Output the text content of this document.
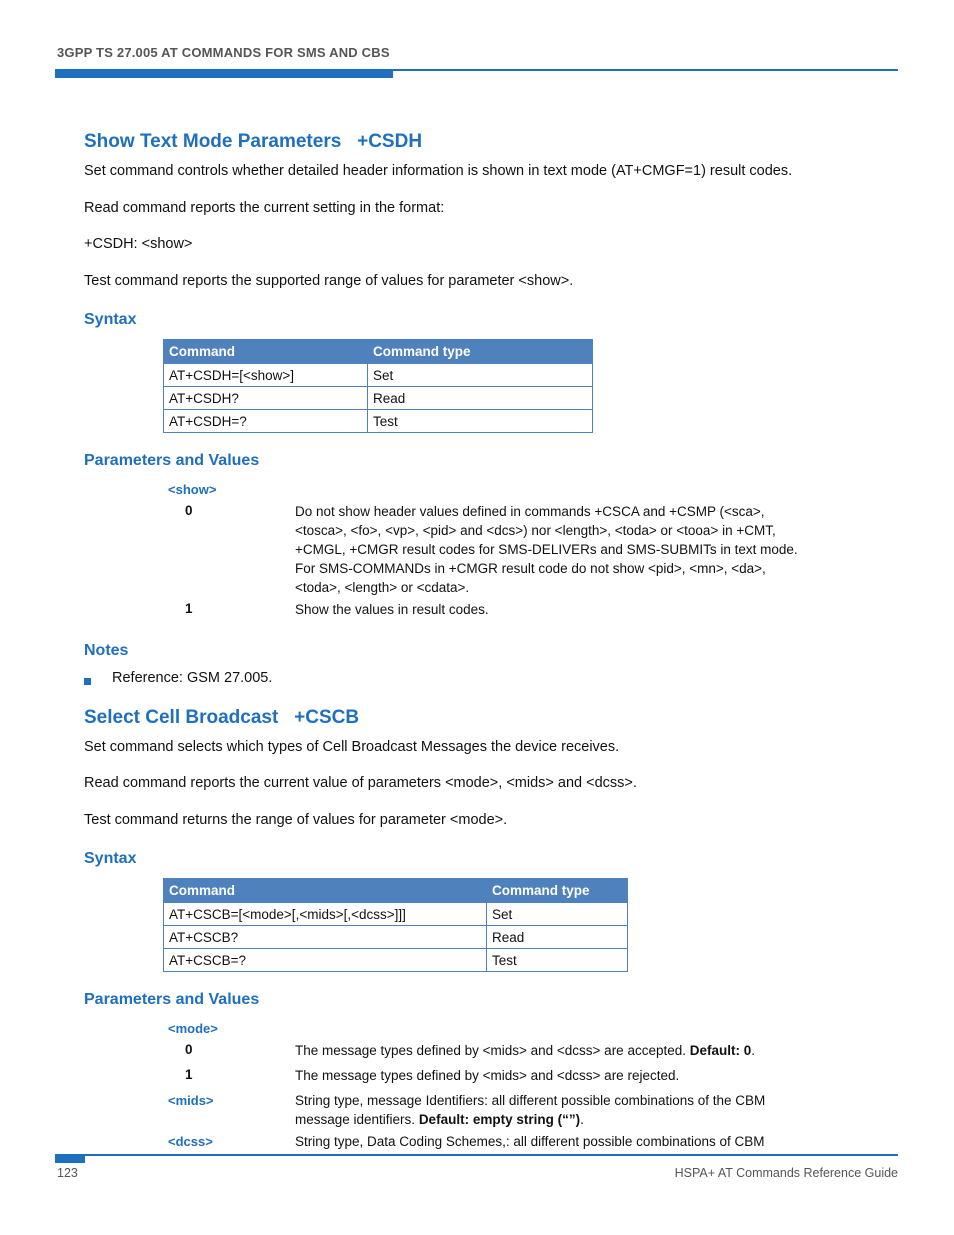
3GPP TS 27.005 AT COMMANDS FOR SMS AND CBS
Show Text Mode Parameters   +CSDH
Set command controls whether detailed header information is shown in text mode (AT+CMGF=1) result codes.
Read command reports the current setting in the format:
+CSDH: <show>
Test command reports the supported range of values for parameter <show>.
Syntax
Command	Command type
AT+CSDH=[<show>]	Set
AT+CSDH?	Read
AT+CSDH=?	Test
Parameters and Values
<show>
0	Do not show header values defined in commands +CSCA and +CSMP (<sca>,
<tosca>, <fo>, <vp>, <pid> and <dcs>) nor <length>, <toda> or <tooa> in +CMT,
+CMGL, +CMGR result codes for SMS-DELIVERs and SMS-SUBMITs in text mode.
For SMS-COMMANDs in +CMGR result code do not show <pid>, <mn>, <da>,
<toda>, <length> or <cdata>.
1	Show the values in result codes.
Notes
Reference: GSM 27.005.
Select Cell Broadcast   +CSCB
Set command selects which types of Cell Broadcast Messages the device receives.
Read command reports the current value of parameters <mode>, <mids> and <dcss>.
Test command returns the range of values for parameter <mode>.
Syntax
Command	Command type
AT+CSCB=[<mode>[,<mids>[,<dcss>]]]	Set
AT+CSCB?	Read
AT+CSCB=?	Test
Parameters and Values
<mode>
0	The message types defined by <mids> and <dcss> are accepted. Default: 0.
1	The message types defined by <mids> and <dcss> are rejected.
<mids>	String type, message Identifiers: all different possible combinations of the CBM
message identifiers. Default: empty string (“”).
<dcss>	String type, Data Coding Schemes,: all different possible combinations of CBM
123	HSPA+ AT Commands Reference Guide
